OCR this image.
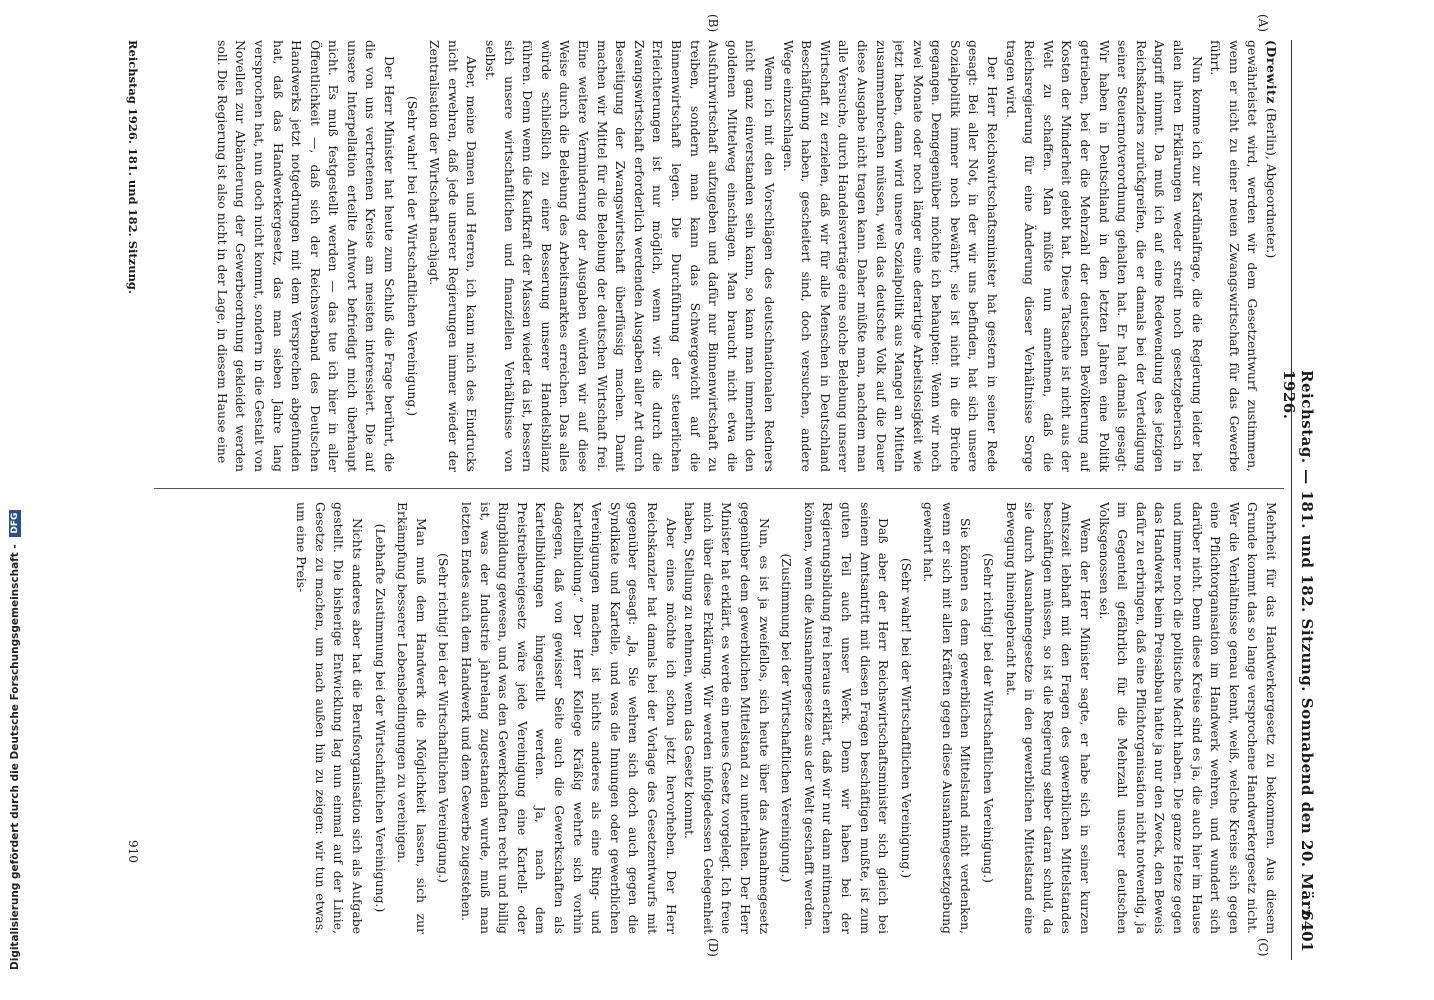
Digitalisierung gefördert durch die Deutsche Forschungsgemeinschaft - DFG	Reichstag. — 181. und 182. Sitzung. Sonnabend den 20. März 1926.
6401
(A)
(B)
(C)
(D)

(Drewitz (Berlin), Abgeordneter.)

gewährleistet wird, werden wir dem Gesetzentwurf zustimmen, wenn er nicht zu einer neuen Zwangswirtschaft für das Gewerbe führt.

Nun komme ich zur Kardinalfrage, die die Regierung leider bei allen ihren Erklärungen weder streift noch gesetzgeberisch in Angriff nimmt. Da muß ich auf eine Redewendung des jetzigen Reichskanzlers zurückgreifen, die er damals bei der Verteidigung seiner Steuernotverordnung gehalten hat. Er hat damals gesagt: Wir haben in Deutschland in den letzten Jahren eine Politik getrieben, bei der die Mehrzahl der deutschen Bevölkerung auf Kosten der Minderheit gelebt hat. Diese Tatsache ist nicht aus der Welt zu schaffen. Man müßte nun annehmen, daß die Reichsregierung für eine Änderung dieser Verhältnisse Sorge tragen wird.

Der Herr Reichswirtschaftsminister hat gestern in seiner Rede gesagt: Bei aller Not, in der wir uns befinden, hat sich unsere Sozialpolitik immer noch bewährt; sie ist nicht in die Brüche gegangen. Demgegenüber möchte ich behaupten: Wenn wir noch zwei Monate oder noch länger eine derartige Arbeitslosigkeit wie jetzt haben, dann wird unsere Sozialpolitik aus Mangel an Mitteln zusammenbrechen müssen, weil das deutsche Volk auf die Dauer diese Ausgabe nicht tragen kann. Daher müßte man, nachdem man alle Versuche, durch Handelsverträge eine solche Belebung unserer Wirtschaft zu erzielen, daß wir für alle Menschen in Deutschland Beschäftigung haben, gescheitert sind, doch versuchen, andere Wege einzuschlagen.

Wenn ich mit den Vorschlägen des deutschnationalen Redners nicht ganz einverstanden sein kann, so kann man immerhin den goldenen Mittelweg einschlagen. Man braucht nicht etwa die Ausfuhrwirtschaft aufzugeben und dafür nur Binnenwirtschaft zu treiben, sondern man kann das Schwergewicht auf die Binnenwirtschaft legen. Die Durchführung der steuerlichen Erleichterungen ist nur möglich, wenn wir die durch die Zwangswirtschaft erforderlich werdenden Ausgaben aller Art durch Beseitigung der Zwangswirtschaft überflüssig machen. Damit machen wir Mittel für die Belebung der deutschen Wirtschaft frei. Eine weitere Verminderung der Ausgaben würden wir auf diese Weise durch die Belebung des Arbeitsmarktes erreichen. Das alles würde schließlich zu einer Besserung unserer Handelsbilanz führen. Denn wenn die Kaufkraft der Massen wieder da ist, bessern sich unsere wirtschaftlichen und finanziellen Verhältnisse von selbst.

Aber, meine Damen und Herren, ich kann mich des Eindrucks nicht erwehren, daß jede unserer Regierungen immer wieder der Zentralisation der Wirtschaft nachjagt.

(Sehr wahr! bei der Wirtschaftlichen Vereinigung.)

Der Herr Minister hat heute zum Schluß die Frage berührt, die die von uns vertretenen Kreise am meisten interessiert. Die auf unsere Interpellation erteilte Antwort befriedigt mich überhaupt nicht. Es muß festgestellt werden — das tue ich hier in aller Öffentlichkeit —, daß sich der Reichsverband des Deutschen Handwerks jetzt notgedrungen mit dem Versprechen abgefunden hat, daß das Handwerkergesetz, das man sieben Jahre lang versprochen hat, nun doch nicht kommt, sondern in die Gestalt von Novellen zur Abänderung der Gewerbeordnung gekleidet werden soll. Die Regierung ist also nicht in der Lage, in diesem Hause eine

Mehrheit für das Handwerkergesetz zu bekommen. Aus diesem Grunde kommt das so lange versprochene Handwerkergesetz nicht. Wer die Verhältnisse genau kennt, weiß, welche Kreise sich gegen eine Pflichtorganisation im Handwerk wehren, und wundert sich darüber nicht. Denn diese Kreise sind es ja, die auch hier im Hause und immer noch die politische Macht haben. Die ganze Hetze gegen das Handwerk beim Preisabbau hatte ja nur den Zweck, den Beweis dafür zu erbringen, daß eine Pflichtorganisation nicht notwendig, ja im Gegenteil gefährlich für die Mehrzahl unserer deutschen Volksgenossen sei.

Wenn der Herr Minister sagte, er habe sich in seiner kurzen Amtszeit lebhaft mit den Fragen des gewerblichen Mittelstandes beschäftigen müssen, so ist die Regierung selber daran schuld, da sie durch Ausnahmegesetze in den gewerblichen Mittelstand eine Bewegung hineingebracht hat.

(Sehr richtig! bei der Wirtschaftlichen Vereinigung.)

Sie können es dem gewerblichen Mittelstand nicht verdenken, wenn er sich mit allen Kräften gegen diese Ausnahmegesetzgebung gewehrt hat.

(Sehr wahr! bei der Wirtschaftlichen Vereinigung.)

Daß aber der Herr Reichswirtschaftsminister sich gleich bei seinem Amtsantritt mit diesen Fragen beschäftigen mußte, ist zum guten Teil auch unser Werk. Denn wir haben bei der Regierungsbildung frei heraus erklärt, daß wir nur dann mitmachen können, wenn die Ausnahmegesetze aus der Welt geschafft werden.

(Zustimmung bei der Wirtschaftlichen Vereinigung.)

Nun, es ist ja zweifellos, sich heute über das Ausnahmegesetz gegenüber dem gewerblichen Mittelstand zu unterhalten. Der Herr Minister hat erklärt, es werde ein neues Gesetz vorgelegt. Ich freue mich über diese Erklärung. Wir werden infolgedessen Gelegenheit haben, Stellung zu nehmen, wenn das Gesetz kommt.

Aber eines möchte ich schon jetzt hervorheben. Der Herr Reichskanzler hat damals bei der Vorlage des Gesetzentwurfs mit gegenüber gesagt: „Ja, Sie wehren sich doch auch gegen die Syndikate und Kartelle, und was die Innungen oder gewerblichen Vereinigungen machen, ist nichts anderes als eine Ring- und Kartellbildung.“ Der Herr Kollege Kräßig wehrte sich vorhin dagegen, daß von gewisser Seite auch die Gewerkschaften als Kartellbildungen hingestellt werden. Ja, nach dem Preistreibereigesetz wäre jede Vereinigung eine Kartell- oder Ringbildung gewesen, und was den Gewerkschaften recht und billig ist, was der Industrie jahrelang zugestanden wurde, muß man letzten Endes auch dem Handwerk und dem Gewerbe zugestehen.

(Sehr richtig! bei der Wirtschaftlichen Vereinigung.)

Man muß dem Handwerk die Möglichkeit lassen, sich zur Erkämpfung besserer Lebensbedingungen zu vereinigen.

(Lebhafte Zustimmung bei der Wirtschaftlichen Vereinigung.)

Nichts anderes aber hat die Berufsorganisation sich als Aufgabe gestellt. Die bisherige Entwicklung lag nun einmal auf der Linie, Gesetze zu machen, um nach außen hin zu zeigen: wir tun etwas, um eine Preis-

Reichstag 1926. 181. und 182. Sitzung.
910
